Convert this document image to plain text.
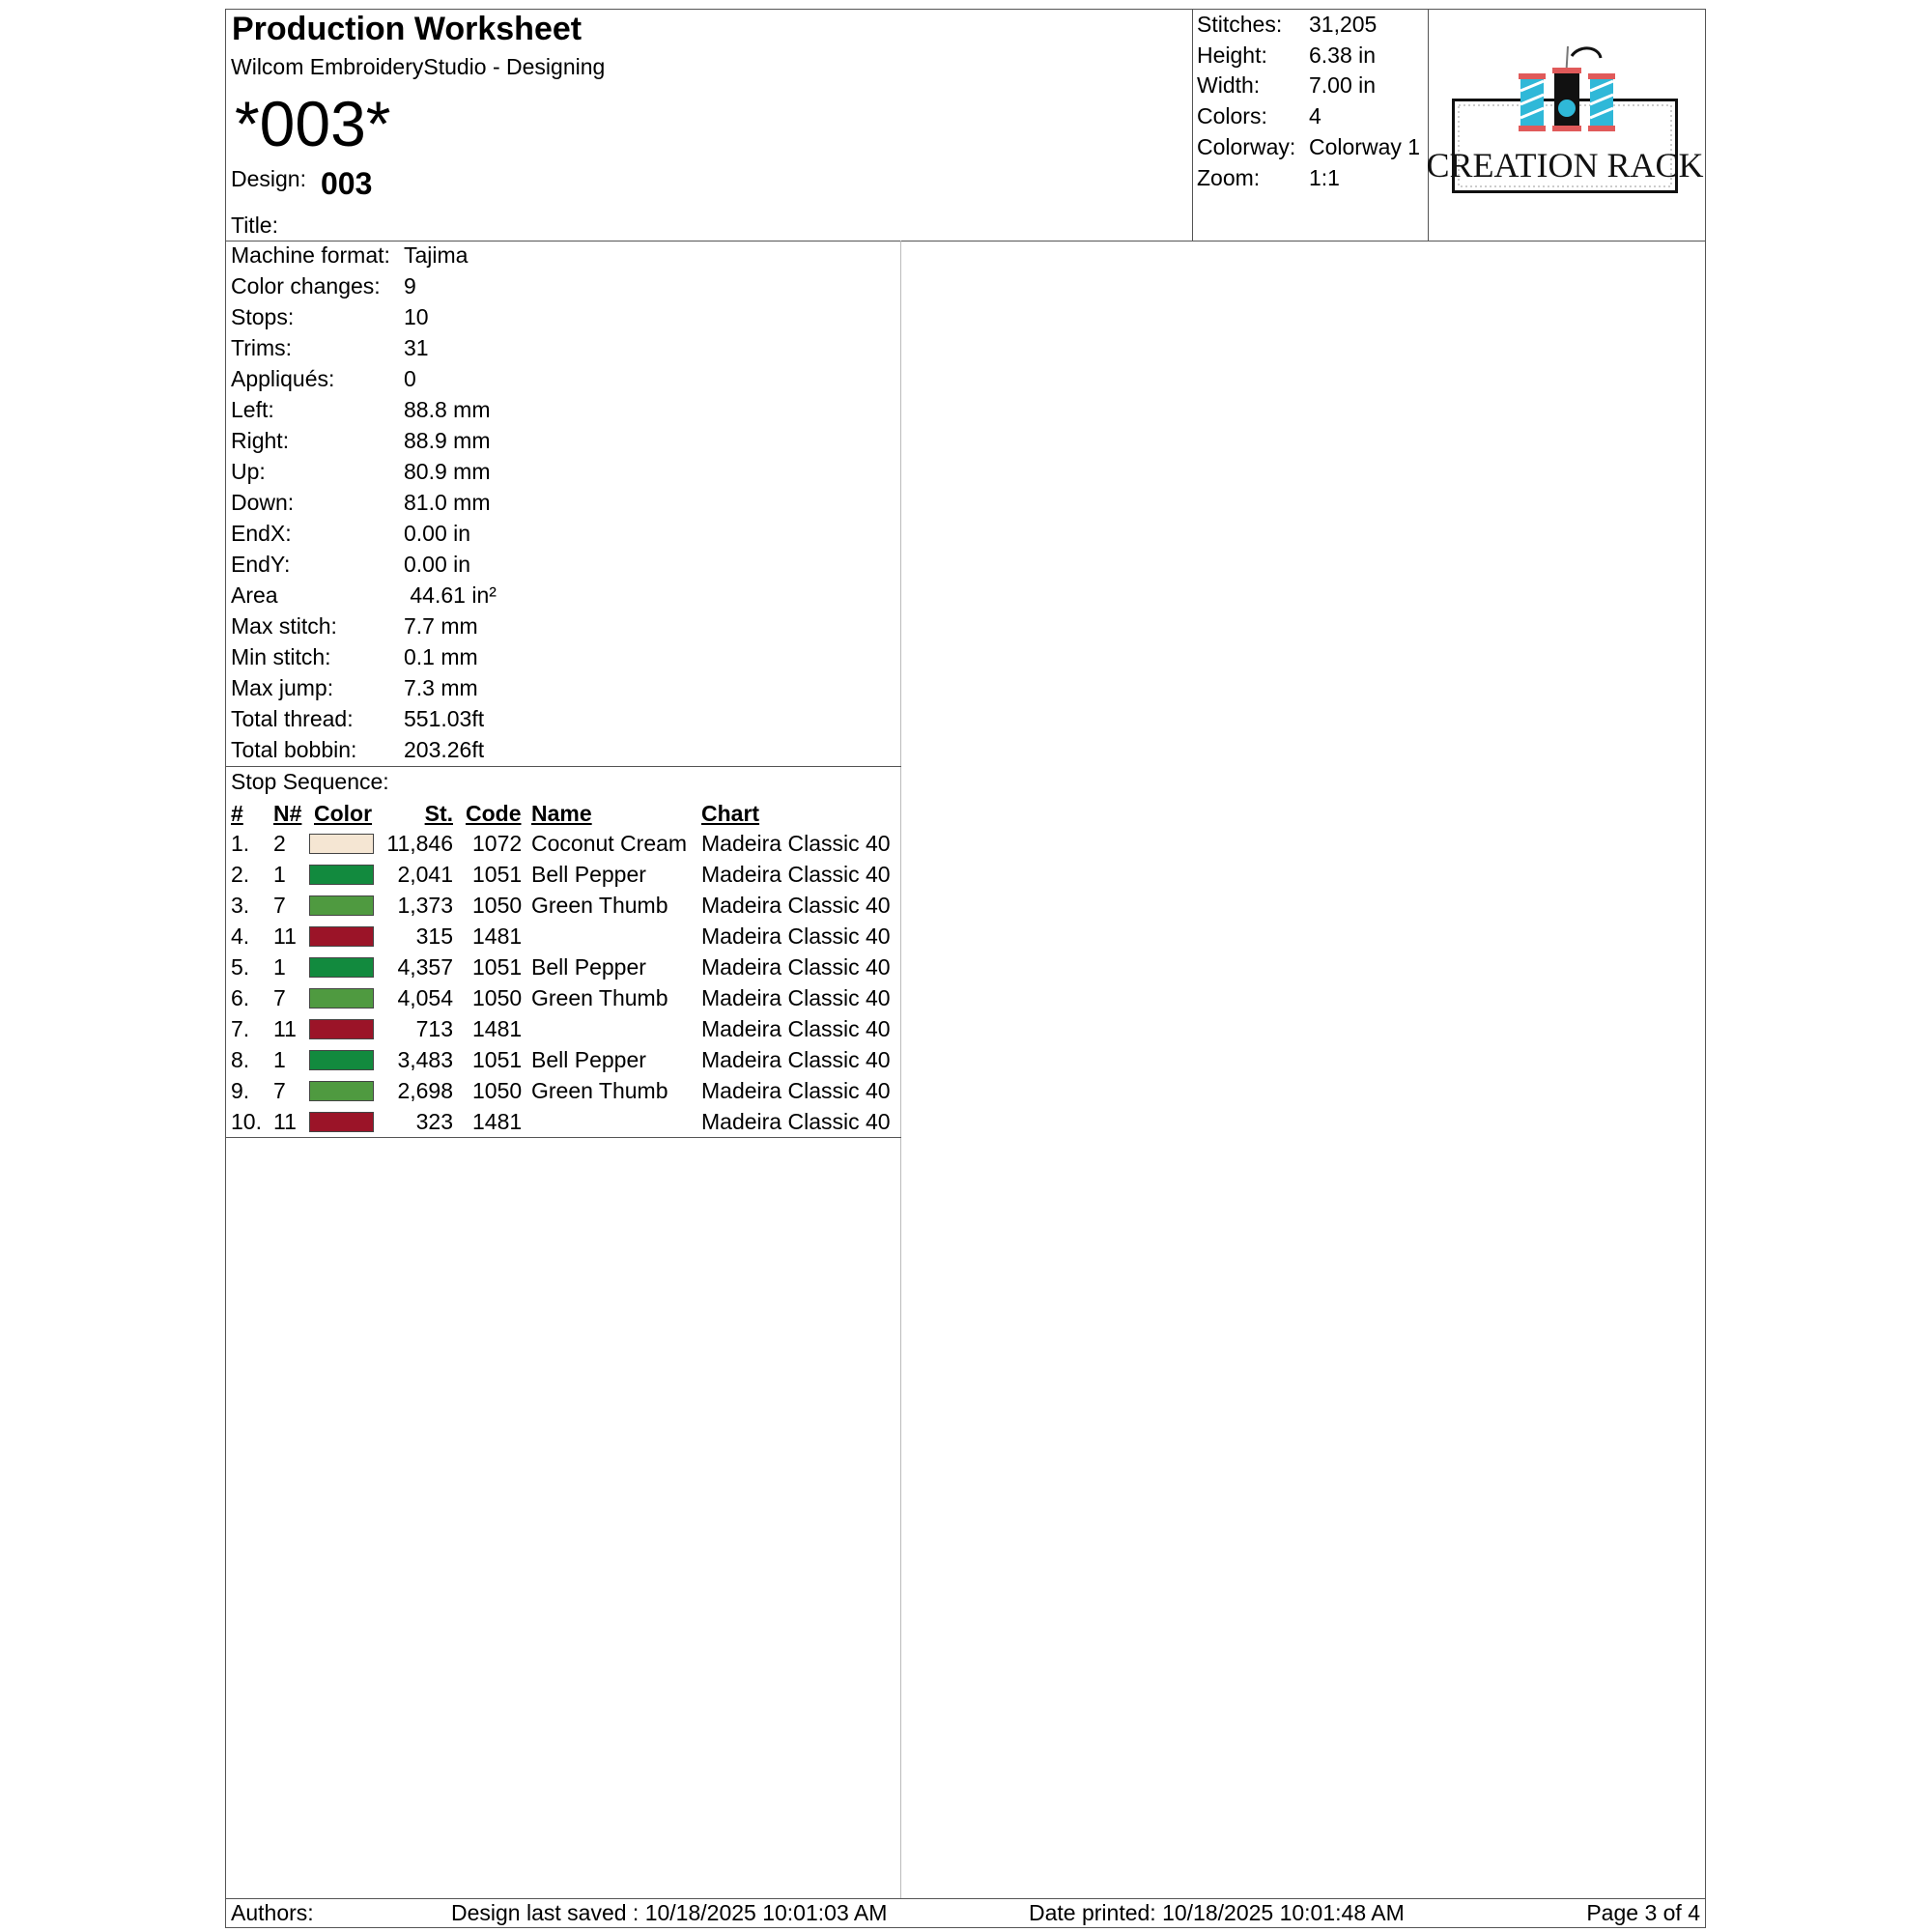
Production Worksheet
Wilcom EmbroideryStudio - Designing
*003*
Design: 003
Title:
Stitches: 31,205
Height: 6.38 in
Width: 7.00 in
Colors: 4
Colorway: Colorway 1
Zoom: 1:1 CREATION RACK
Machine format: Tajima
Color changes: 9
Stops:	10
Trims:	31
Appliqués:	0
Left:	88.8 mm
Right:	88.9 mm
Up:	80.9 mm
Down:	81.0 mm
EndX:	0.00 in
EndY:	0.00 in
Area	44.61 in²
Max stitch:	7.7 mm
Min stitch:	0.1 mm
Max jump:	7.3 mm
Total thread: 551.03ft
Total bobbin: 203.26ft
Stop Sequence:
# N# Color	St. Code Name	Chart
1. 2	11,846 1072 Coconut Cream Madeira Classic 40
2. 1	2,041 1051 Bell Pepper Madeira Classic 40
3. 7	1,373 1050 Green Thumb Madeira Classic 40
4. 11	315 1481	Madeira Classic 40
5. 1	4,357 1051 Bell Pepper Madeira Classic 40
6. 7	4,054 1050 Green Thumb Madeira Classic 40
7. 11	713 1481	Madeira Classic 40
8. 1	3,483 1051 Bell Pepper Madeira Classic 40
9. 7	2,698 1050 Green Thumb Madeira Classic 40
10. 11	323 1481	Madeira Classic 40
Authors:	Design last saved : 10/18/2025 10:01:03 AM	Date printed: 10/18/2025 10:01:48 AM	Page 3 of 4
